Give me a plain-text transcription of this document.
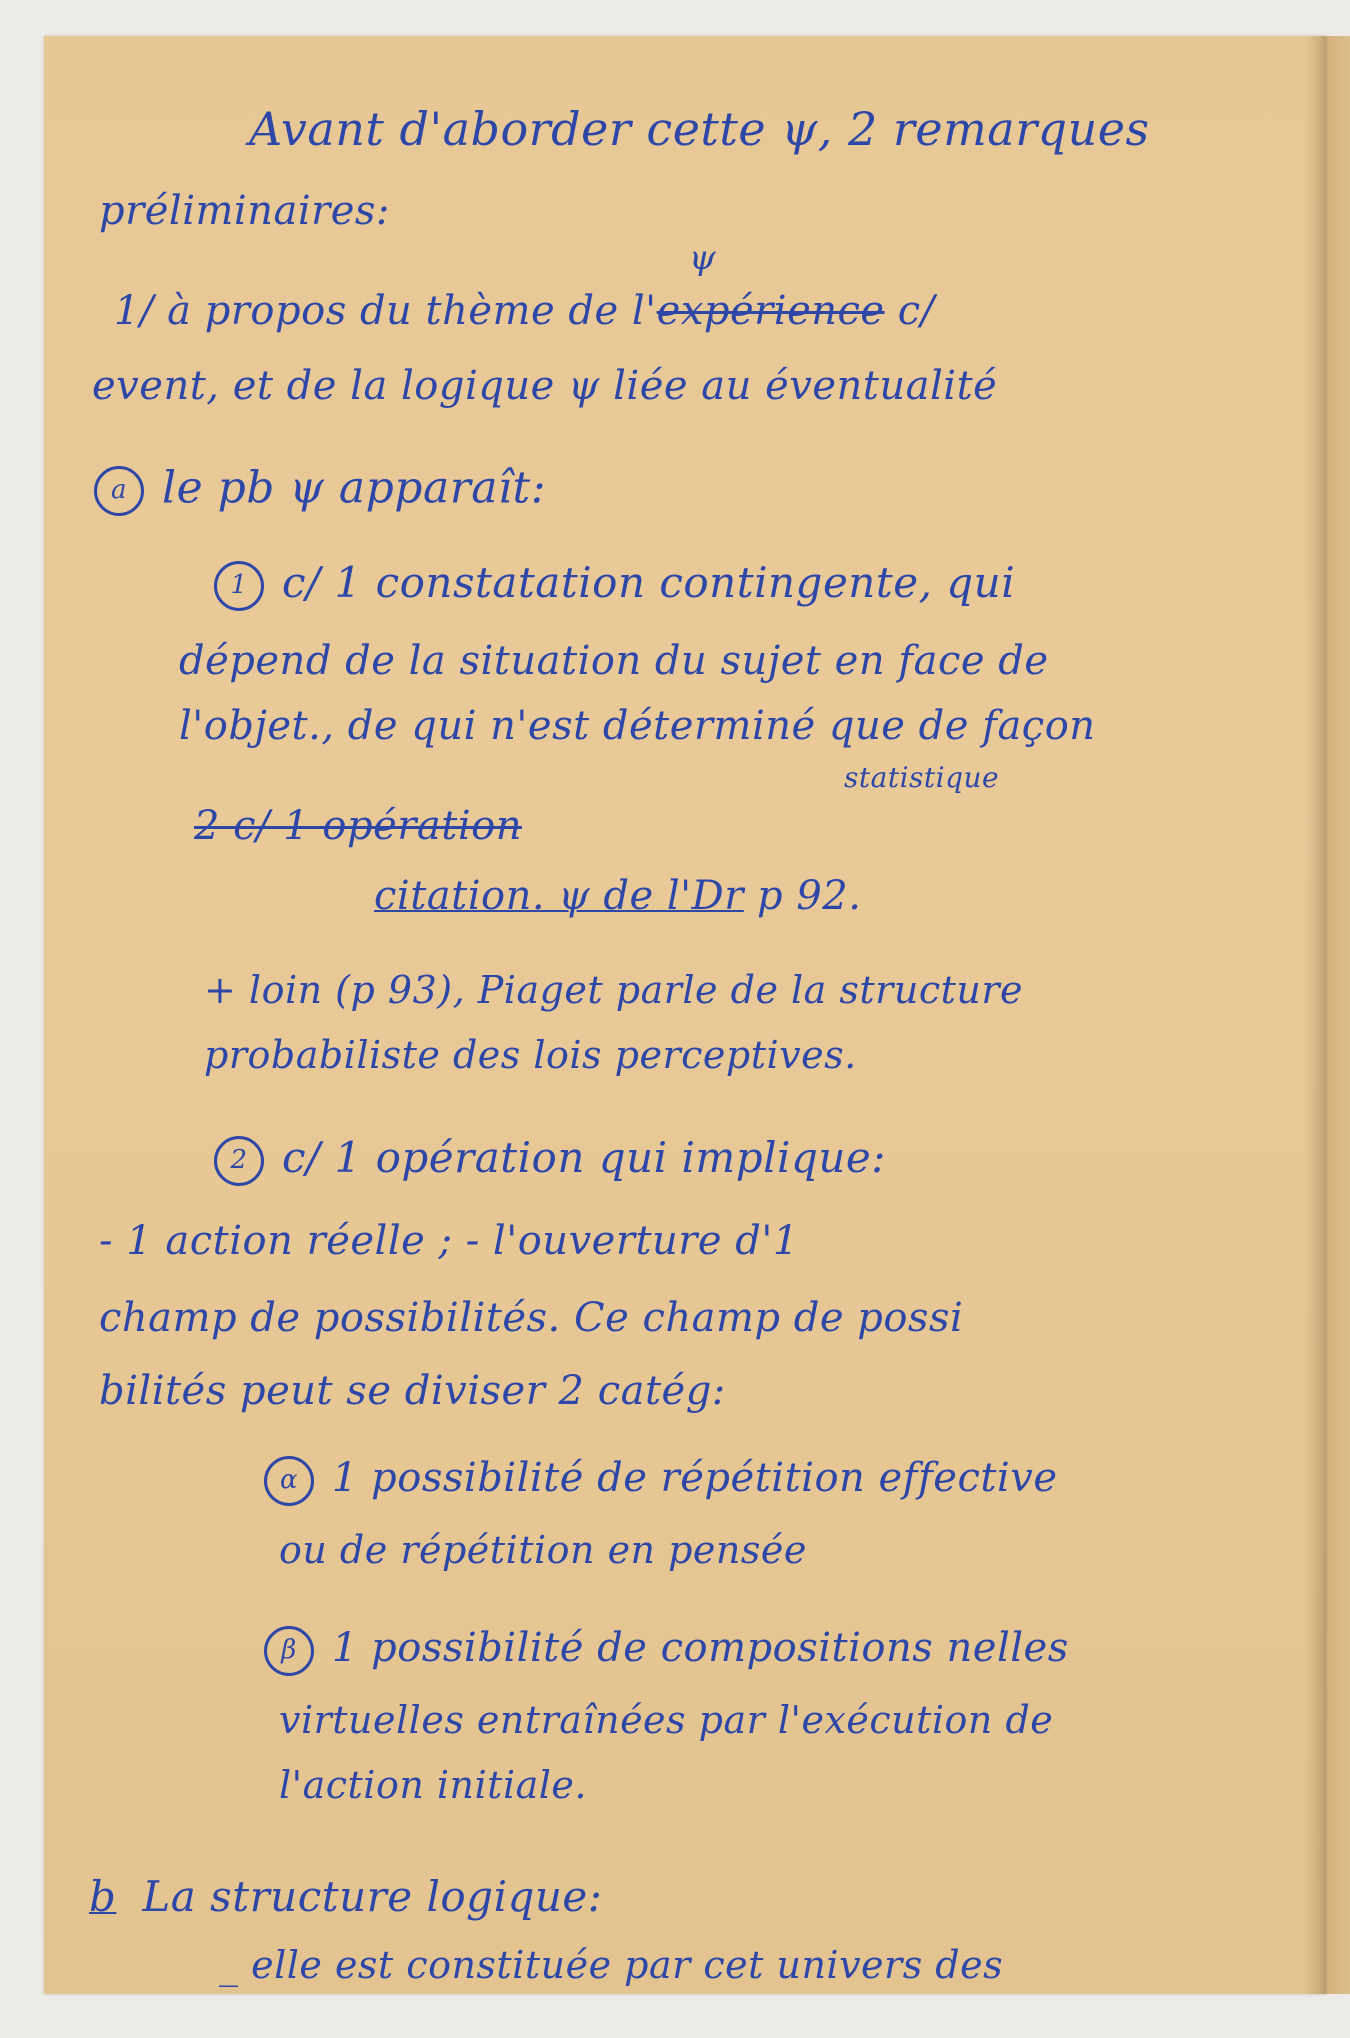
Avant d'aborder cette ψ, 2 remarques
préliminaires:
1/ à propos du thème de l'expérience c/
ψ
event, et de la logique ψ liée au éventualité
a le pb ψ apparaît:
1 c/ 1 constatation contingente, qui
dépend de la situation du sujet en face de
l'objet., de qui n'est déterminé que de façon
statistique
2 c/ 1 opération
citation. ψ de l'Dr p 92.
+ loin (p 93), Piaget parle de la structure
probabiliste des lois perceptives.
2 c/ 1 opération qui implique:
- 1 action réelle ; - l'ouverture d'1
champ de possibilités. Ce champ de possi
bilités peut se diviser 2 catég:
α 1 possibilité de répétition effective
ou de répétition en pensée
β 1 possibilité de compositions nelles
virtuelles entraînées par l'exécution de
l'action initiale.
b La structure logique:
_ elle est constituée par cet univers des
